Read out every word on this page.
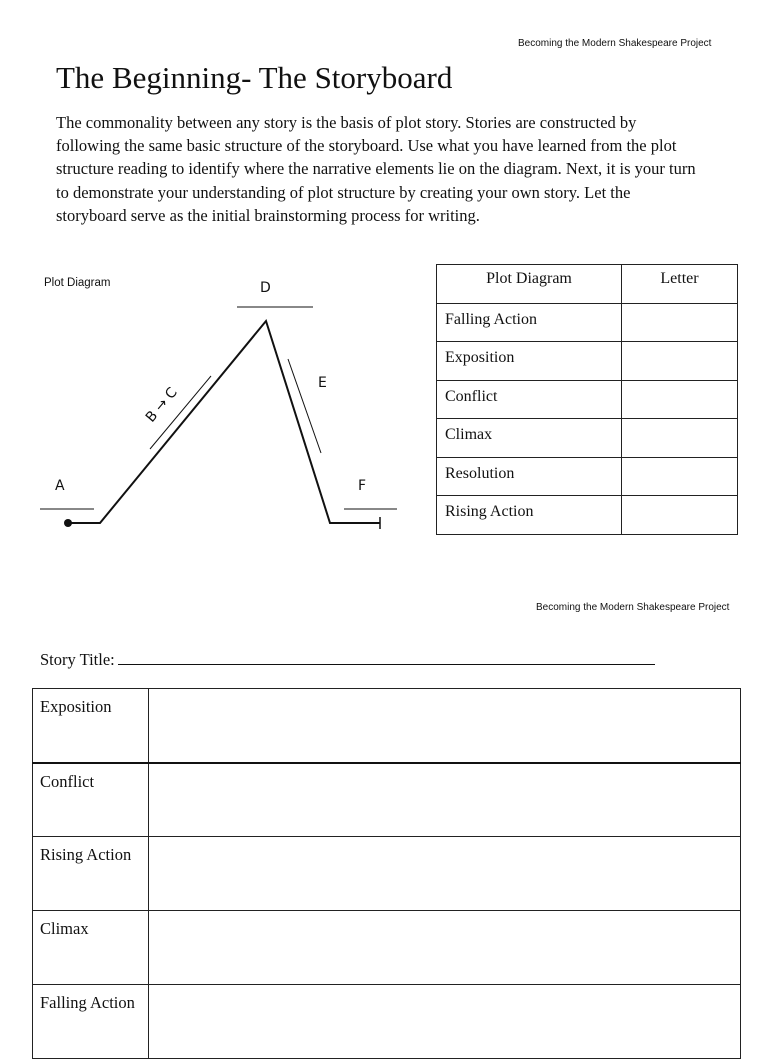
Becoming the Modern Shakespeare Project
The Beginning- The Storyboard

The commonality between any story is the basis of plot story. Stories are constructed by following the same basic structure of the storyboard. Use what you have learned from the plot structure reading to identify where the narrative elements lie on the diagram. Next, it is your turn to demonstrate your understanding of plot structure by creating your own story. Let the storyboard serve as the initial brainstorming process for writing.

Plot Diagram
A
D
E
F
B → C
Plot Diagram	Letter
Falling Action	
Exposition	
Conflict	
Climax	
Resolution	
Rising Action	
Becoming the Modern Shakespeare Project
Story Title:
Exposition	
Conflict	
Rising Action	
Climax	
Falling Action	
